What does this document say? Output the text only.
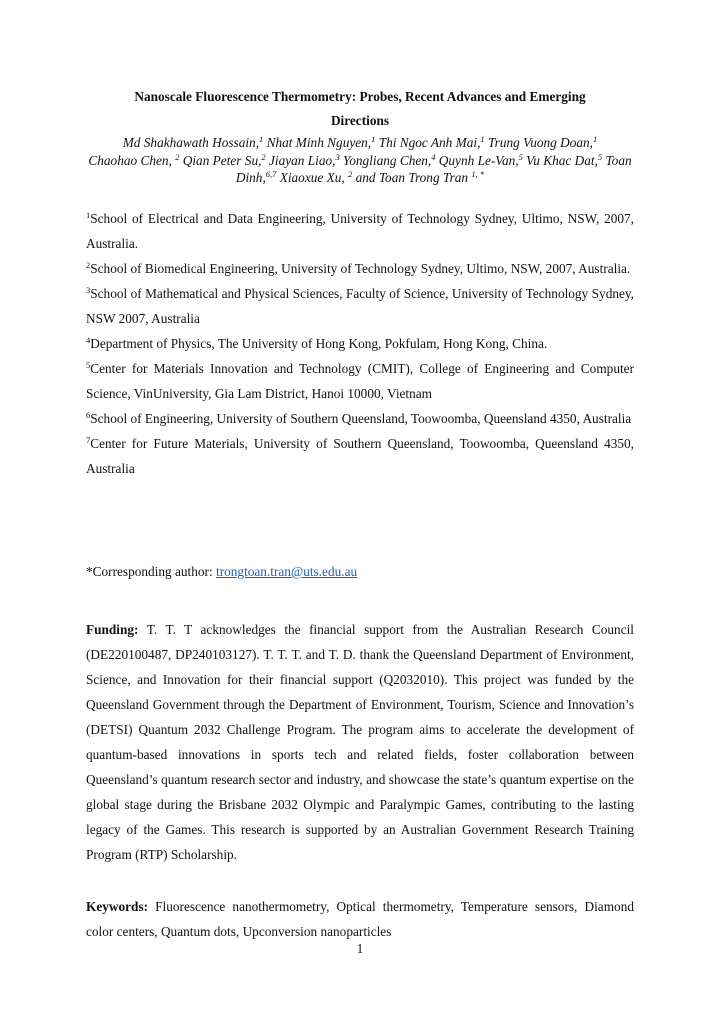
Nanoscale Fluorescence Thermometry: Probes, Recent Advances and Emerging
Directions
Md Shakhawath Hossain,$^1$ Nhat Minh Nguyen,$^1$ Thi Ngoc Anh Mai,$^1$ Trung Vuong Doan,$^1$
Chaohao Chen, $^2$ Qian Peter Su,$^2$ Jiayan Liao,$^3$ Yongliang Chen,$^4$ Quynh Le-Van,$^5$ Vu Khac Dat,$^5$ Toan Dinh,$^{6,7}$ Xiaoxue Xu, $^2$ and Toan Trong Tran $^{1, *}$

$^1$School of Electrical and Data Engineering, University of Technology Sydney, Ultimo, NSW, 2007, Australia.

$^2$School of Biomedical Engineering, University of Technology Sydney, Ultimo, NSW, 2007, Australia.

$^3$School of Mathematical and Physical Sciences, Faculty of Science, University of Technology Sydney, NSW 2007, Australia

$^4$Department of Physics, The University of Hong Kong, Pokfulam, Hong Kong, China.

$^5$Center for Materials Innovation and Technology (CMIT), College of Engineering and Computer Science, VinUniversity, Gia Lam District, Hanoi 10000, Vietnam

$^6$School of Engineering, University of Southern Queensland, Toowoomba, Queensland 4350, Australia

$^7$Center for Future Materials, University of Southern Queensland, Toowoomba, Queensland 4350, Australia

*Corresponding author: trongtoan.tran@uts.edu.au
Funding: T. T. T acknowledges the financial support from the Australian Research Council (DE220100487, DP240103127). T. T. T. and T. D. thank the Queensland Department of Environment, Science, and Innovation for their financial support (Q2032010). This project was funded by the Queensland Government through the Department of Environment, Tourism, Science and Innovation’s (DETSI) Quantum 2032 Challenge Program. The program aims to accelerate the development of quantum-based innovations in sports tech and related fields, foster collaboration between Queensland’s quantum research sector and industry, and showcase the state’s quantum expertise on the global stage during the Brisbane 2032 Olympic and Paralympic Games, contributing to the lasting legacy of the Games. This research is supported by an Australian Government Research Training Program (RTP) Scholarship.
Keywords: Fluorescence nanothermometry, Optical thermometry, Temperature sensors, Diamond color centers, Quantum dots, Upconversion nanoparticles
1
